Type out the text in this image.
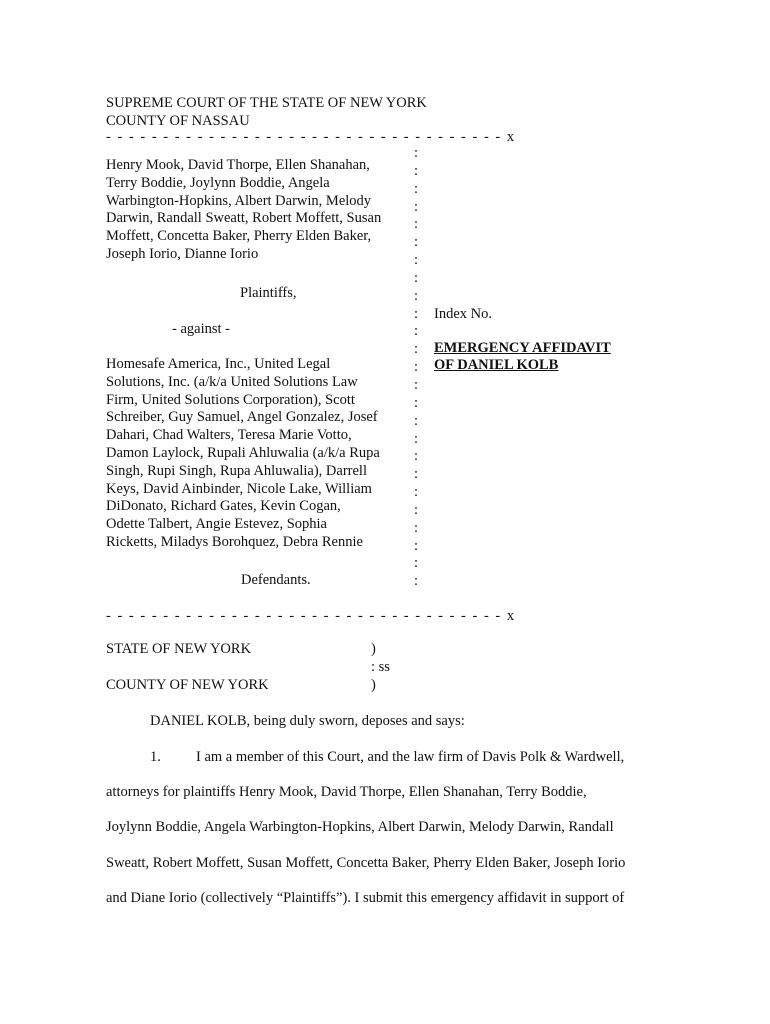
SUPREME COURT OF THE STATE OF NEW YORK
COUNTY OF NASSAU
- - - - - - - - - - - - - - - - - - - - - - - - - - - - - - - - - - - x
Henry Mook, David Thorpe, Ellen Shanahan,
Terry Boddie, Joylynn Boddie, Angela
Warbington-Hopkins, Albert Darwin, Melody
Darwin, Randall Sweatt, Robert Moffett, Susan
Moffett, Concetta Baker, Pherry Elden Baker,
Joseph Iorio, Dianne Iorio
Plaintiffs,
- against -
Homesafe America, Inc., United Legal
Solutions, Inc. (a/k/a United Solutions Law
Firm, United Solutions Corporation), Scott
Schreiber, Guy Samuel, Angel Gonzalez, Josef
Dahari, Chad Walters, Teresa Marie Votto,
Damon Laylock, Rupali Ahluwalia (a/k/a Rupa
Singh, Rupi Singh, Rupa Ahluwalia), Darrell
Keys, David Ainbinder, Nicole Lake, William
DiDonato, Richard Gates, Kevin Cogan,
Odette Talbert, Angie Estevez, Sophia
Ricketts, Miladys Borohquez, Debra Rennie
Defendants.
:
:
:
:
:
:
:
:
:
:
:
:
:
:
:
:
:
:
:
:
:
:
:
:
:
Index No.
EMERGENCY AFFIDAVIT
OF DANIEL KOLB
- - - - - - - - - - - - - - - - - - - - - - - - - - - - - - - - - - - x
STATE OF NEW YORK
COUNTY OF NEW YORK
)
: ss
)
DANIEL KOLB, being duly sworn, deposes and says:
1. I am a member of this Court, and the law firm of Davis Polk & Wardwell,
attorneys for plaintiffs Henry Mook, David Thorpe, Ellen Shanahan, Terry Boddie,
Joylynn Boddie, Angela Warbington-Hopkins, Albert Darwin, Melody Darwin, Randall
Sweatt, Robert Moffett, Susan Moffett, Concetta Baker, Pherry Elden Baker, Joseph Iorio
and Diane Iorio (collectively “Plaintiffs”). I submit this emergency affidavit in support of
